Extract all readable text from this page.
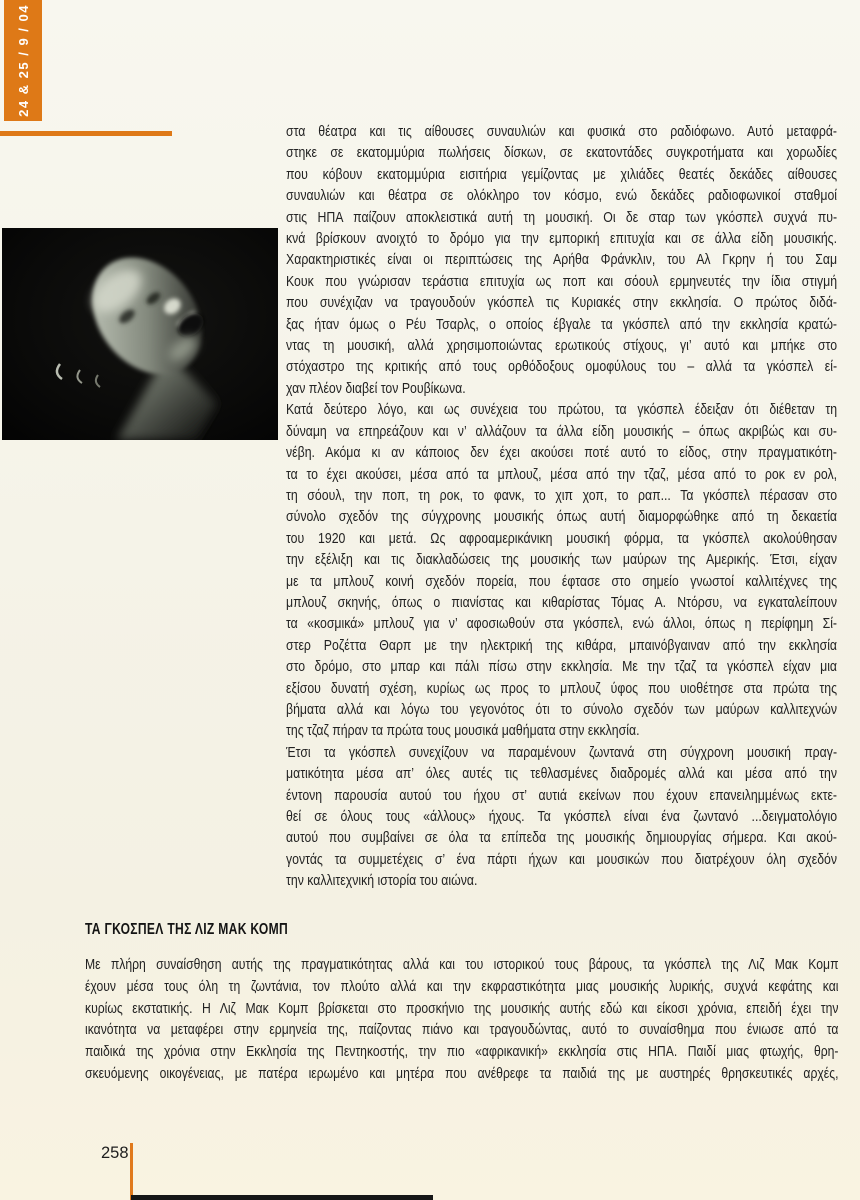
24 & 25 / 9 / 04
στα θέατρα και τις αίθουσες συναυλιών και φυσικά στο ραδιόφωνο. Αυτό μεταφρά-
στηκε σε εκατομμύρια πωλήσεις δίσκων, σε εκατοντάδες συγκροτήματα και χορωδίες
που κόβουν εκατομμύρια εισιτήρια γεμίζοντας με χιλιάδες θεατές δεκάδες αίθουσες
συναυλιών και θέατρα σε ολόκληρο τον κόσμο, ενώ δεκάδες ραδιοφωνικοί σταθμοί
στις ΗΠΑ παίζουν αποκλειστικά αυτή τη μουσική. Οι δε σταρ των γκόσπελ συχνά πυ-
κνά βρίσκουν ανοιχτό το δρόμο για την εμπορική επιτυχία και σε άλλα είδη μουσικής.
Χαρακτηριστικές είναι οι περιπτώσεις της Αρήθα Φράνκλιν, του Αλ Γκρην ή του Σαμ
Κουκ που γνώρισαν τεράστια επιτυχία ως ποπ και σόουλ ερμηνευτές την ίδια στιγμή
που συνέχιζαν να τραγουδούν γκόσπελ τις Κυριακές στην εκκλησία. Ο πρώτος διδά-
ξας ήταν όμως ο Ρέυ Τσαρλς, ο οποίος έβγαλε τα γκόσπελ από την εκκλησία κρατώ-
ντας τη μουσική, αλλά χρησιμοποιώντας ερωτικούς στίχους, γι’ αυτό και μπήκε στο
στόχαστρο της κριτικής από τους ορθόδοξους ομοφύλους του – αλλά τα γκόσπελ εί-
χαν πλέον διαβεί τον Ρουβίκωνα.
Κατά δεύτερο λόγο, και ως συνέχεια του πρώτου, τα γκόσπελ έδειξαν ότι διέθεταν τη
δύναμη να επηρεάζουν και ν’ αλλάζουν τα άλλα είδη μουσικής – όπως ακριβώς και συ-
νέβη. Ακόμα κι αν κάποιος δεν έχει ακούσει ποτέ αυτό το είδος, στην πραγματικότη-
τα το έχει ακούσει, μέσα από τα μπλουζ, μέσα από την τζαζ, μέσα από το ροκ εν ρολ,
τη σόουλ, την ποπ, τη ροκ, το φανκ, το χιπ χοπ, το ραπ... Τα γκόσπελ πέρασαν στο
σύνολο σχεδόν της σύγχρονης μουσικής όπως αυτή διαμορφώθηκε από τη δεκαετία
του 1920 και μετά. Ως αφροαμερικάνικη μουσική φόρμα, τα γκόσπελ ακολούθησαν
την εξέλιξη και τις διακλαδώσεις της μουσικής των μαύρων της Αμερικής. Έτσι, είχαν
με τα μπλουζ κοινή σχεδόν πορεία, που έφτασε στο σημείο γνωστοί καλλιτέχνες της
μπλουζ σκηνής, όπως ο πιανίστας και κιθαρίστας Τόμας Α. Ντόρσυ, να εγκαταλείπουν
τα «κοσμικά» μπλουζ για ν’ αφοσιωθούν στα γκόσπελ, ενώ άλλοι, όπως η περίφημη Σί-
στερ Ροζέττα Θαρπ με την ηλεκτρική της κιθάρα, μπαινόβγαιναν από την εκκλησία
στο δρόμο, στο μπαρ και πάλι πίσω στην εκκλησία. Με την τζαζ τα γκόσπελ είχαν μια
εξίσου δυνατή σχέση, κυρίως ως προς το μπλουζ ύφος που υιοθέτησε στα πρώτα της
βήματα αλλά και λόγω του γεγονότος ότι το σύνολο σχεδόν των μαύρων καλλιτεχνών
της τζαζ πήραν τα πρώτα τους μουσικά μαθήματα στην εκκλησία.
Έτσι τα γκόσπελ συνεχίζουν να παραμένουν ζωντανά στη σύγχρονη μουσική πραγ-
ματικότητα μέσα απ’ όλες αυτές τις τεθλασμένες διαδρομές αλλά και μέσα από την
έντονη παρουσία αυτού του ήχου στ’ αυτιά εκείνων που έχουν επανειλημμένως εκτε-
θεί σε όλους τους «άλλους» ήχους. Τα γκόσπελ είναι ένα ζωντανό ...δειγματολόγιο
αυτού που συμβαίνει σε όλα τα επίπεδα της μουσικής δημιουργίας σήμερα. Και ακού-
γοντάς τα συμμετέχεις σ’ ένα πάρτι ήχων και μουσικών που διατρέχουν όλη σχεδόν
την καλλιτεχνική ιστορία του αιώνα.
ΤΑ ΓΚΟΣΠΕΛ ΤΗΣ ΛΙΖ ΜΑΚ ΚΟΜΠ
Με πλήρη συναίσθηση αυτής της πραγματικότητας αλλά και του ιστορικού τους βάρους, τα γκόσπελ της Λιζ Μακ Κομπ
έχουν μέσα τους όλη τη ζωντάνια, τον πλούτο αλλά και την εκφραστικότητα μιας μουσικής λυρικής, συχνά κεφάτης και
κυρίως εκστατικής. Η Λιζ Μακ Κομπ βρίσκεται στο προσκήνιο της μουσικής αυτής εδώ και είκοσι χρόνια, επειδή έχει την
ικανότητα να μεταφέρει στην ερμηνεία της, παίζοντας πιάνο και τραγουδώντας, αυτό το συναίσθημα που ένιωσε από τα
παιδικά της χρόνια στην Εκκλησία της Πεντηκοστής, την πιο «αφρικανική» εκκλησία στις ΗΠΑ. Παιδί μιας φτωχής, θρη-
σκευόμενης οικογένειας, με πατέρα ιερωμένο και μητέρα που ανέθρεφε τα παιδιά της με αυστηρές θρησκευτικές αρχές,
258
